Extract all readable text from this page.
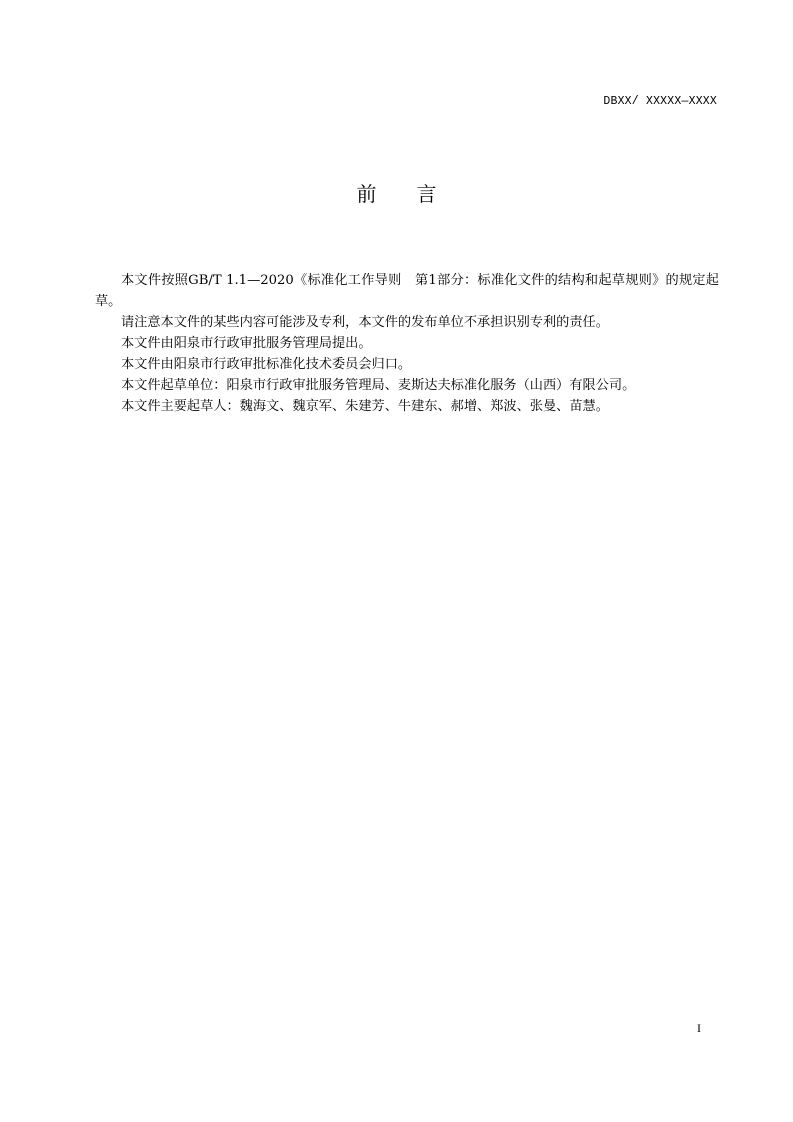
DBXX/ XXXXX—XXXX
前言

本文件按照GB/T 1.1—2020《标准化工作导则　第1部分：标准化文件的结构和起草规则》的规定起草。

请注意本文件的某些内容可能涉及专利，本文件的发布单位不承担识别专利的责任。

本文件由阳泉市行政审批服务管理局提出。

本文件由阳泉市行政审批标准化技术委员会归口。

本文件起草单位：阳泉市行政审批服务管理局、麦斯达夫标准化服务（山西）有限公司。

本文件主要起草人：魏海文、魏京军、朱建芳、牛建东、郝增、郑波、张曼、苗慧。

I
